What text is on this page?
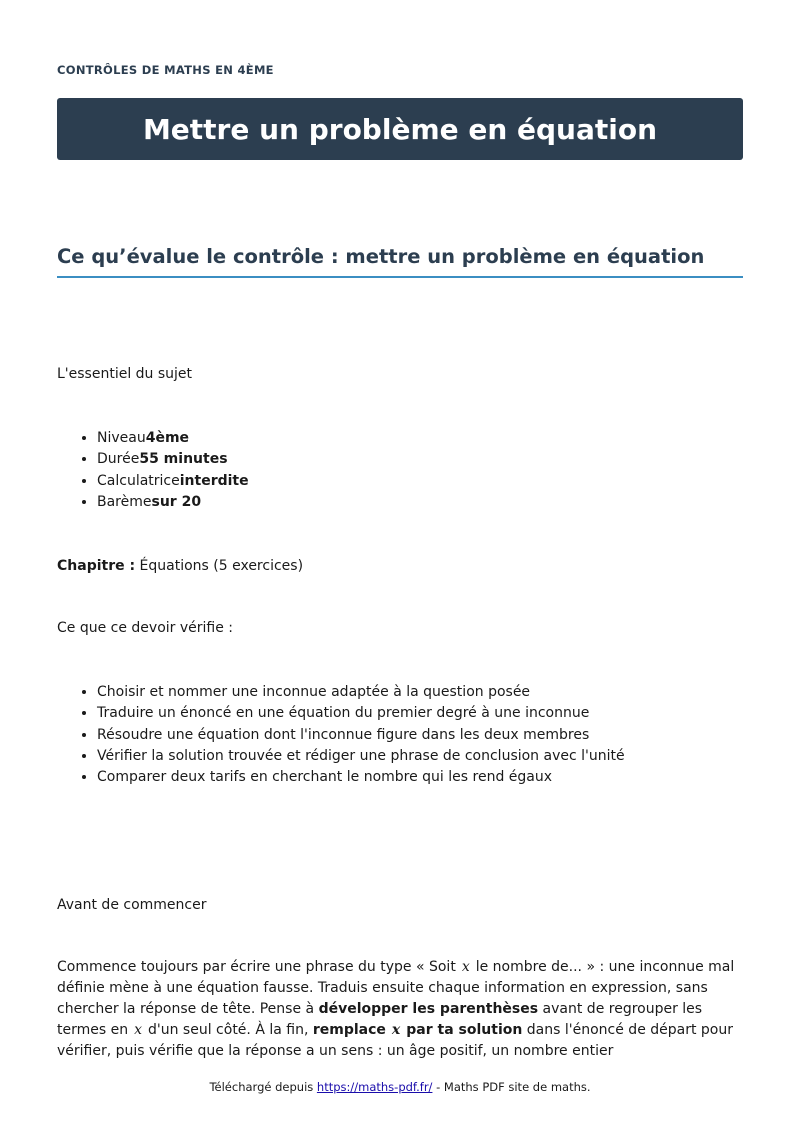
CONTRÔLES DE MATHS EN 4ÈME
Mettre un problème en équation
Ce qu’évalue le contrôle : mettre un problème en équation

L'essentiel du sujet

• Niveau4ème
• Durée55 minutes
• Calculatriceinterdite
• Barèmesur 20

Chapitre : Équations (5 exercices)

Ce que ce devoir vérifie :

• Choisir et nommer une inconnue adaptée à la question posée
• Traduire un énoncé en une équation du premier degré à une inconnue
• Résoudre une équation dont l'inconnue figure dans les deux membres
• Vérifier la solution trouvée et rédiger une phrase de conclusion avec l'unité
• Comparer deux tarifs en cherchant le nombre qui les rend égaux

Avant de commencer

Commence toujours par écrire une phrase du type « Soit x le nombre de... » : une inconnue mal définie mène à une équation fausse. Traduis ensuite chaque information en expression, sans chercher la réponse de tête. Pense à développer les parenthèses avant de regrouper les termes en x d'un seul côté. À la fin, remplace x par ta solution dans l'énoncé de départ pour vérifier, puis vérifie que la réponse a un sens : un âge positif, un nombre entier

Téléchargé depuis https://maths-pdf.fr/ - Maths PDF site de maths.
